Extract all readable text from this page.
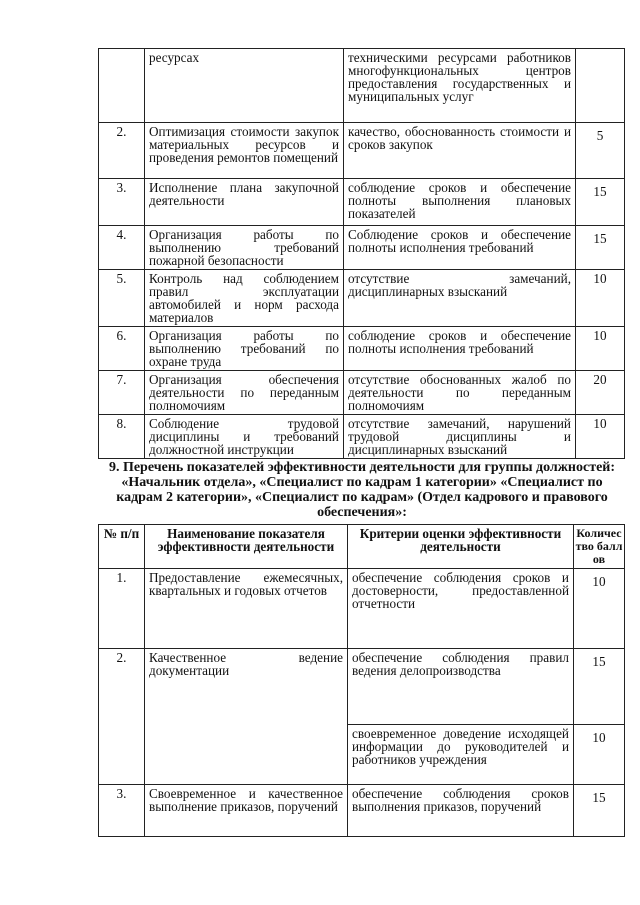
	ресурсах	техническими ресурсами работников многофункциональных центров предоставления государственных и муниципальных услуг	
2.	Оптимизация стоимости закупок материальных ресурсов и проведения ремонтов помещений	качество, обоснованность стоимости и сроков закупок	5
3.	Исполнение плана закупочной деятельности	соблюдение сроков и обеспечение полноты выполнения плановых показателей	15
4.	Организация работы по выполнению требований пожарной безопасности	Соблюдение сроков и обеспечение полноты исполнения требований	15
5.	Контроль над соблюдением правил эксплуатации автомобилей и норм расхода материалов	отсутствие замечаний, дисциплинарных взысканий	10
6.	Организация работы по выполнению требований по охране труда	соблюдение сроков и обеспечение полноты исполнения требований	10
7.	Организация обеспечения деятельности по переданным полномочиям	отсутствие обоснованных жалоб по деятельности по переданным полномочиям	20
8.	Соблюдение трудовой дисциплины и требований должностной инструкции	отсутствие замечаний, нарушений трудовой дисциплины и дисциплинарных взысканий	10
9. Перечень показателей эффективности деятельности для группы должностей: «Начальник отдела», «Специалист по кадрам 1 категории» «Специалист по кадрам 2 категории», «Специалист по кадрам» (Отдел кадрового и правового обеспечения»:
№ п/п	Наименование показателя эффективности деятельности	Критерии оценки эффективности деятельности	Количество баллов
1.	Предоставление ежемесячных, квартальных и годовых отчетов	обеспечение соблюдения сроков и достоверности, предоставленной отчетности	10
2.	Качественное ведение документации	обеспечение соблюдения правил ведения делопроизводства	15
		своевременное доведение исходящей информации до руководителей и работников учреждения	10
3.	Своевременное и качественное выполнение приказов, поручений	обеспечение соблюдения сроков выполнения приказов, поручений	15
